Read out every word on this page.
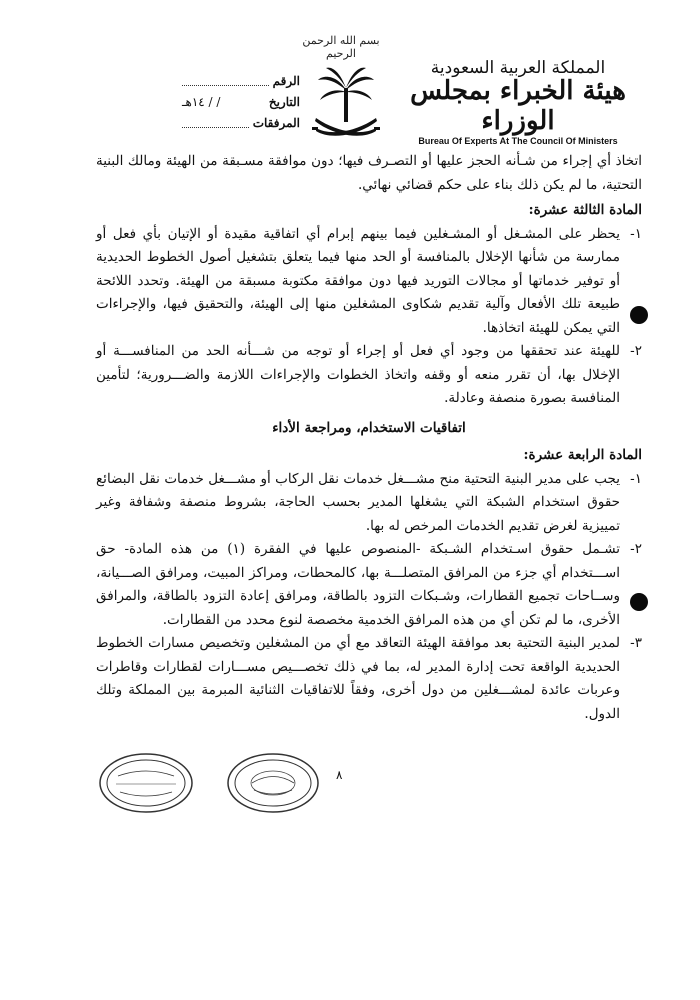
بسم الله الرحمن الرحيم
المملكة العربية السعودية
هيئة الخبراء بمجلس الوزراء
Bureau Of Experts At The Council Of Ministers
الرقم
التاريخ
/ / ١٤هـ
المرفقات

اتخاذ أي إجراء من شـأنه الحجز عليها أو التصـرف فيها؛ دون موافقة مسـبقة من الهيئة ومالك البنية التحتية، ما لم يكن ذلك بناء على حكم قضائي نهائي.

المادة الثالثة عشرة:

١-
يحظر على المشـغل أو المشـغلين فيما بينهم إبرام أي اتفاقية مقيدة أو الإتيان بأي فعل أو ممارسة من شأنها الإخلال بالمنافسة أو الحد منها فيما يتعلق بتشغيل أصول الخطوط الحديدية أو توفير خدماتها أو مجالات التوريد فيها دون موافقة مكتوبة مسبقة من الهيئة. وتحدد اللائحة طبيعة تلك الأفعال وآلية تقديم شكاوى المشغلين منها إلى الهيئة، والتحقيق فيها، والإجراءات التي يمكن للهيئة اتخاذها.
٢-
للهيئة عند تحققها من وجود أي فعل أو إجراء أو توجه من شـــأنه الحد من المنافســـة أو الإخلال بها، أن تقرر منعه أو وقفه واتخاذ الخطوات والإجراءات اللازمة والضـــرورية؛ لتأمين المنافسة بصورة منصفة وعادلة.

اتفاقيات الاستخدام، ومراجعة الأداء

المادة الرابعة عشرة:

١-
يجب على مدير البنية التحتية منح مشـــغل خدمات نقل الركاب أو مشـــغل خدمات نقل البضائع حقوق استخدام الشبكة التي يشغلها المدير بحسب الحاجة، بشروط منصفة وشفافة وغير تمييزية لغرض تقديم الخدمات المرخص له بها.
٢-
تشـمل حقوق اسـتخدام الشـبكة -المنصوص عليها في الفقرة (١) من هذه المادة- حق اســـتخدام أي جزء من المرافق المتصلـــة بها، كالمحطات، ومراكز المبيت، ومرافق الصـــيانة، وســاحات تجميع القطارات، وشـبكات التزود بالطاقة، ومرافق إعادة التزود بالطاقة، والمرافق الأخرى، ما لم تكن أي من هذه المرافق الخدمية مخصصة لنوع محدد من القطارات.
٣-
لمدير البنية التحتية بعد موافقة الهيئة التعاقد مع أي من المشغلين وتخصيص مسارات الخطوط الحديدية الواقعة تحت إدارة المدير له، بما في ذلك تخصـــيص مســـارات لقطارات وقاطرات وعربات عائدة لمشـــغلين من دول أخرى، وفقاً للاتفاقيات الثنائية المبرمة بين المملكة وتلك الدول.
٨
